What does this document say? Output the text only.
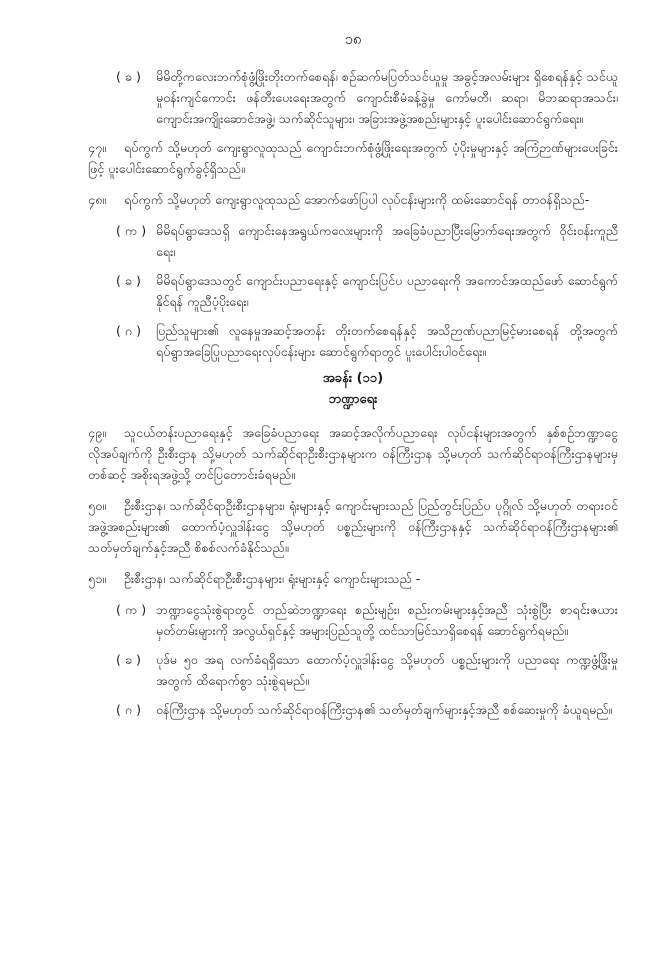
၁၈
( ခ ) မိမိတို့ကလေးဘက်စုံဖွံ့ဖြိုးတိုးတက်စေရန်၊ စဉ်ဆက်မပြတ်သင်ယူမှု အခွင့်အလမ်းများ ရှိစေရန်နှင့် သင်ယူမှုဝန်းကျင်ကောင်း ဖန်တီးပေးရေးအတွက် ကျောင်းစီမံခန့်ခွဲမှု ကော်မတီ၊ ဆရာ၊ မိဘဆရာအသင်း၊ ကျောင်းအကျိုးဆောင်အဖွဲ့၊ သက်ဆိုင်သူများ၊ အခြားအဖွဲ့အစည်းများနှင့် ပူးပေါင်းဆောင်ရွက်ရေး။
၄၇။ ရပ်ကွက် သို့မဟုတ် ကျေးရွာလူထုသည် ကျောင်းဘက်စုံဖွံ့ဖြိုးရေးအတွက် ပံ့ပိုးမှုများနှင့် အကြံဉာဏ်များပေးခြင်းဖြင့် ပူးပေါင်းဆောင်ရွက်ခွင့်ရှိသည်။
၄၈။ ရပ်ကွက် သို့မဟုတ် ကျေးရွာလူထုသည် အောက်ဖော်ပြပါ လုပ်ငန်းများကို ထမ်းဆောင်ရန် တာဝန်ရှိသည်-
( က ) မိမိရပ်ရွာဒေသရှိ ကျောင်းနေအရွယ်ကလေးများကို အခြေခံပညာပြီးမြောက်ရေးအတွက် ဝိုင်းဝန်းကူညီရေး၊
( ခ ) မိမိရပ်ရွာဒေသတွင် ကျောင်းပညာရေးနှင့် ကျောင်းပြင်ပ ပညာရေးကို အကောင်အထည်ဖော် ဆောင်ရွက်နိုင်ရန် ကူညီပံ့ပိုးရေး၊
( ဂ ) ပြည်သူများ၏ လူနေမှုအဆင့်အတန်း တိုးတက်စေရန်နှင့် အသိဉာဏ်ပညာမြင့်မားစေရန် တို့အတွက် ရပ်ရွာအခြေပြုပညာရေးလုပ်ငန်းများ ဆောင်ရွက်ရာတွင် ပူးပေါင်းပါဝင်ရေး။
အခန်း (၁၁)
ဘဏ္ဍာရေး
၄၉။ သူငယ်တန်းပညာရေးနှင့် အခြေခံပညာရေး အဆင့်အလိုက်ပညာရေး လုပ်ငန်းများအတွက် နှစ်စဉ်ဘဏ္ဍာငွေ လိုအပ်ချက်ကို ဦးစီးဌာန သို့မဟုတ် သက်ဆိုင်ရာဦးစီးဌာနများက ဝန်ကြီးဌာန သို့မဟုတ် သက်ဆိုင်ရာဝန်ကြီးဌာနများမှတစ်ဆင့် အစိုးရအဖွဲ့သို့ တင်ပြတောင်းခံရမည်။
၅၀။ ဦးစီးဌာန၊ သက်ဆိုင်ရာဦးစီးဌာနများ၊ ရုံးများနှင့် ကျောင်းများသည် ပြည်တွင်းပြည်ပ ပုဂ္ဂိုလ် သို့မဟုတ် တရားဝင်အဖွဲ့အစည်းများ၏ ထောက်ပံ့လှူဒါန်းငွေ သို့မဟုတ် ပစ္စည်းများကို ဝန်ကြီးဌာနနှင့် သက်ဆိုင်ရာဝန်ကြီးဌာနများ၏ သတ်မှတ်ချက်နှင့်အညီ စိစစ်လက်ခံနိုင်သည်။
၅၁။ ဦးစီးဌာန၊ သက်ဆိုင်ရာဦးစီးဌာနများ၊ ရုံးများနှင့် ကျောင်းများသည် -
( က ) ဘဏ္ဍာငွေသုံးစွဲရာတွင် တည်ဆဲဘဏ္ဍာရေး စည်းမျဉ်း၊ စည်းကမ်းများနှင့်အညီ သုံးစွဲပြီး စာရင်းဇယားမှတ်တမ်းများကို အလွယ်ရှင်နှင့် အများပြည်သူတို့ ထင်သာမြင်သာရှိစေရန် ဆောင်ရွက်ရမည်။
( ခ ) ပုဒ်မ ၅၀ အရ လက်ခံရရှိသော ထောက်ပံ့လှူဒါန်းငွေ သို့မဟုတ် ပစ္စည်းများကို ပညာရေး ကဏ္ဍဖွံ့ဖြိုးမှုအတွက် ထိရောက်စွာ သုံးစွဲရမည်။
( ဂ ) ဝန်ကြီးဌာန သို့မဟုတ် သက်ဆိုင်ရာဝန်ကြီးဌာန၏ သတ်မှတ်ချက်များနှင့်အညီ စစ်ဆေးမှုကို ခံယူရမည်။
